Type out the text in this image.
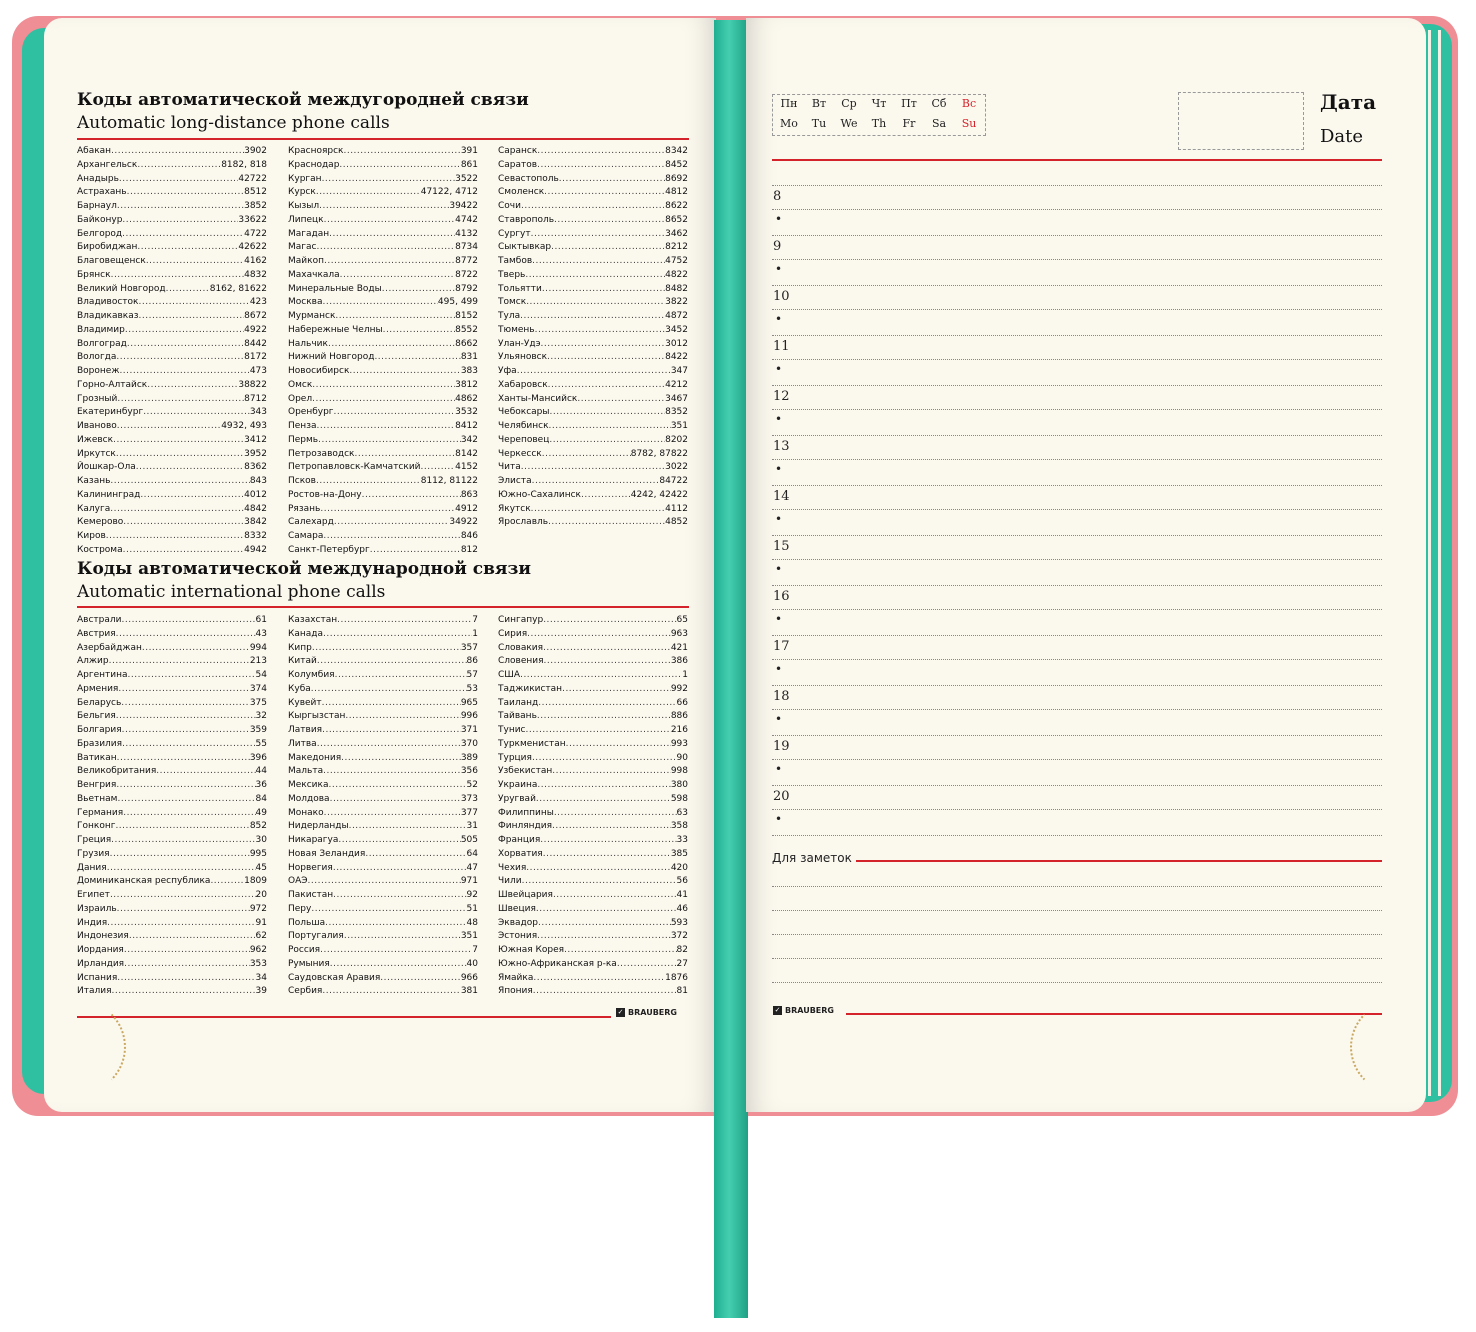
Коды автоматической междугородней связи
Automatic long-distance phone calls
Абакан .....	3902
Архангельск .....	8182, 818
Анадырь .....	42722
Астрахань .....	8512
Барнаул .....	3852
Байконур .....	33622
Белгород .....	4722
Биробиджан .....	42622
Благовещенск .....	4162
Брянск .....	4832
Великий Новгород .....	8162, 81622
Владивосток .....	423
Владикавказ .....	8672
Владимир .....	4922
Волгоград .....	8442
Вологда .....	8172
Воронеж .....	473
Горно-Алтайск .....	38822
Грозный .....	8712
Екатеринбург .....	343
Иваново .....	4932, 493
Ижевск .....	3412
Иркутск .....	3952
Йошкар-Ола .....	8362
Казань .....	843
Калининград .....	4012
Калуга .....	4842
Кемерово .....	3842
Киров .....	8332
Кострома .....	4942
Красноярск .....	391
Краснодар .....	861
Курган .....	3522
Курск .....	47122, 4712
Кызыл .....	39422
Липецк .....	4742
Магадан .....	4132
Магас .....	8734
Майкоп .....	8772
Махачкала .....	8722
Минеральные Воды .....	8792
Москва .....	495, 499
Мурманск .....	8152
Набережные Челны .....	8552
Нальчик .....	8662
Нижний Новгород .....	831
Новосибирск .....	383
Омск .....	3812
Орел .....	4862
Оренбург .....	3532
Пенза .....	8412
Пермь .....	342
Петрозаводск .....	8142
Петропавловск-Камчатский .....	4152
Псков .....	8112, 81122
Ростов-на-Дону .....	863
Рязань .....	4912
Салехард .....	34922
Самара .....	846
Санкт-Петербург .....	812
Саранск .....	8342
Саратов .....	8452
Севастополь .....	8692
Смоленск .....	4812
Сочи .....	8622
Ставрополь .....	8652
Сургут .....	3462
Сыктывкар .....	8212
Тамбов .....	4752
Тверь .....	4822
Тольятти .....	8482
Томск .....	3822
Тула .....	4872
Тюмень .....	3452
Улан-Удэ .....	3012
Ульяновск .....	8422
Уфа .....	347
Хабаровск .....	4212
Ханты-Мансийск .....	3467
Чебоксары .....	8352
Челябинск .....	351
Череповец .....	8202
Черкесск .....	8782, 87822
Чита .....	3022
Элиста .....	84722
Южно-Сахалинск .....	4242, 42422
Якутск .....	4112
Ярославль .....	4852
Коды автоматической международной связи
Automatic international phone calls
Австрали .....	61
Австрия .....	43
Азербайджан .....	994
Алжир .....	213
Аргентина .....	54
Армения .....	374
Беларусь .....	375
Бельгия .....	32
Болгария .....	359
Бразилия .....	55
Ватикан .....	396
Великобритания .....	44
Венгрия .....	36
Вьетнам .....	84
Германия .....	49
Гонконг .....	852
Греция .....	30
Грузия .....	995
Дания .....	45
Доминиканская республика .....	1809
Египет .....	20
Израиль .....	972
Индия .....	91
Индонезия .....	62
Иордания .....	962
Ирландия .....	353
Испания .....	34
Италия .....	39
Казахстан .....	7
Канада .....	1
Кипр .....	357
Китай .....	86
Колумбия .....	57
Куба .....	53
Кувейт .....	965
Кыргызстан .....	996
Латвия .....	371
Литва .....	370
Македония .....	389
Мальта .....	356
Мексика .....	52
Молдова .....	373
Монако .....	377
Нидерланды .....	31
Никарагуа .....	505
Новая Зеландия .....	64
Норвегия .....	47
ОАЭ .....	971
Пакистан .....	92
Перу .....	51
Польша .....	48
Португалия .....	351
Россия .....	7
Румыния .....	40
Саудовская Аравия .....	966
Сербия .....	381
Сингапур .....	65
Сирия .....	963
Словакия .....	421
Словения .....	386
США .....	1
Таджикистан .....	992
Таиланд .....	66
Тайвань .....	886
Тунис .....	216
Туркменистан .....	993
Турция .....	90
Узбекистан .....	998
Украина .....	380
Уругвай .....	598
Филиппины .....	63
Финляндия .....	358
Франция .....	33
Хорватия .....	385
Чехия .....	420
Чили .....	56
Швейцария .....	41
Швеция .....	46
Эквадор .....	593
Эстония .....	372
Южная Корея .....	82
Южно-Африканская р-ка .....	27
Ямайка .....	1876
Япония .....	81
✓ BRAUBERG
Пн	Вт	Ср	Чт	Пт	Сб	Вс
Mo	Tu	We	Th	Fr	Sa	Su
Дата
Date
8
•
9
•
10
•
11
•
12
•
13
•
14
•
15
•
16
•
17
•
18
•
19
•
20
•
Для заметок
✓ BRAUBERG
